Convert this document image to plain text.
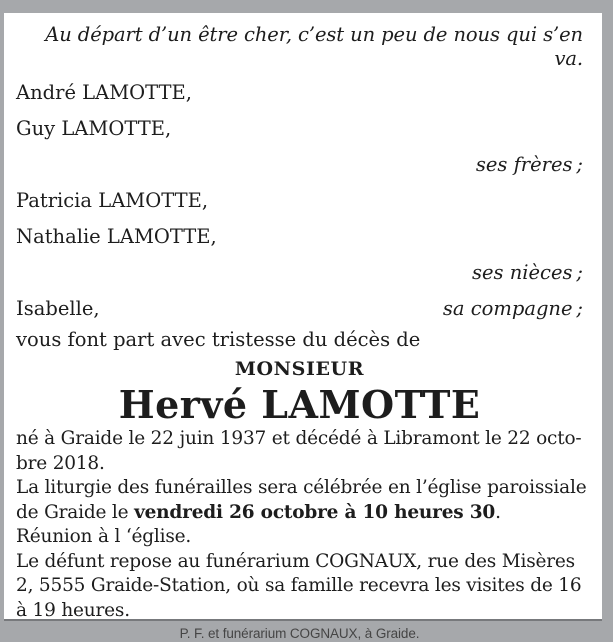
Au départ d’un être cher, c’est un peu de nous qui s’en va.
André LAMOTTE,
Guy LAMOTTE,
ses frères ;
Patricia LAMOTTE,
Nathalie LAMOTTE,
ses nièces ;
Isabelle,	sa compagne ;
vous font part avec tristesse du décès de
MONSIEUR
Hervé LAMOTTE
né à Graide le 22 juin 1937 et décédé à Libramont le 22 octo-
bre 2018.
La liturgie des funérailles sera célébrée en l’église paroissiale
de Graide le vendredi 26 octobre à 10 heures 30.
Réunion à l ‘église.
Le défunt repose au funérarium COGNAUX, rue des Misères
2, 5555 Graide-Station, où sa famille recevra les visites de 16
à 19 heures.
P. F. et funérarium COGNAUX, à Graide.
